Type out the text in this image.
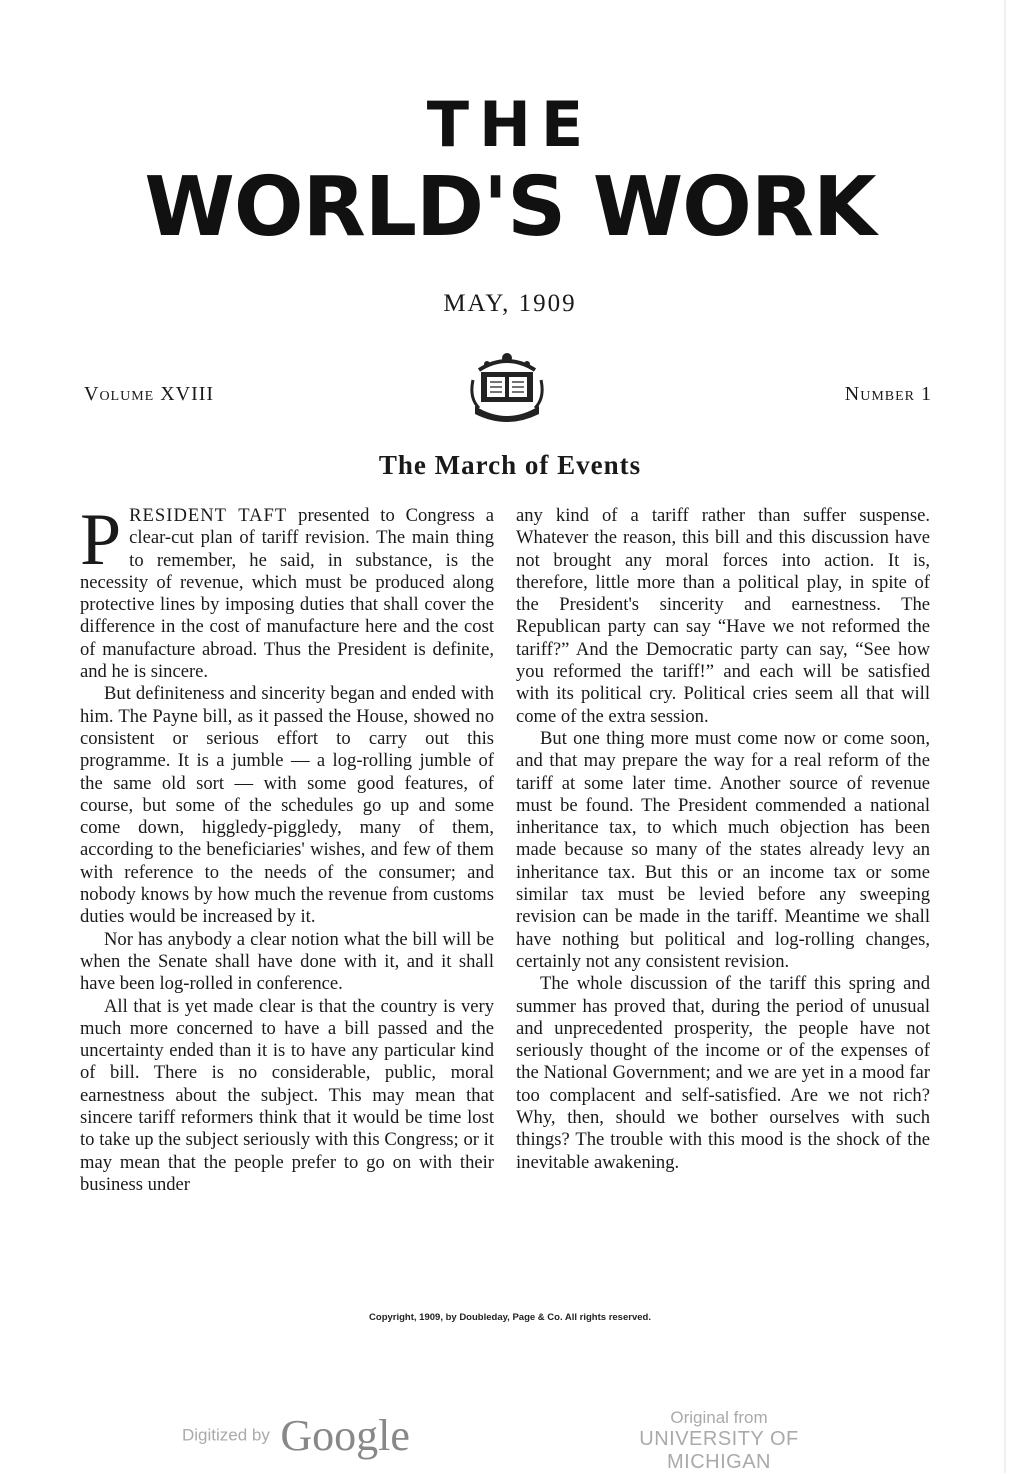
THE
WORLD'S WORK
MAY, 1909
Volume XVIII	Number 1
The March of Events

PRESIDENT TAFT presented to Congress a clear-cut plan of tariff revision. The main thing to remember, he said, in substance, is the necessity of revenue, which must be produced along protective lines by imposing duties that shall cover the difference in the cost of manufacture here and the cost of manufacture abroad. Thus the President is definite, and he is sincere.

But definiteness and sincerity began and ended with him. The Payne bill, as it passed the House, showed no consistent or serious effort to carry out this programme. It is a jumble — a log-rolling jumble of the same old sort — with some good features, of course, but some of the schedules go up and some come down, higgledy-piggledy, many of them, according to the beneficiaries' wishes, and few of them with reference to the needs of the consumer; and nobody knows by how much the revenue from customs duties would be increased by it.

Nor has anybody a clear notion what the bill will be when the Senate shall have done with it, and it shall have been log-rolled in conference.

All that is yet made clear is that the country is very much more concerned to have a bill passed and the uncertainty ended than it is to have any particular kind of bill. There is no considerable, public, moral earnestness about the subject. This may mean that sincere tariff reformers think that it would be time lost to take up the subject seriously with this Congress; or it may mean that the people prefer to go on with their business under

any kind of a tariff rather than suffer suspense. Whatever the reason, this bill and this discussion have not brought any moral forces into action. It is, therefore, little more than a political play, in spite of the President's sincerity and earnestness. The Republican party can say “Have we not reformed the tariff?” And the Democratic party can say, “See how you reformed the tariff!” and each will be satisfied with its political cry. Political cries seem all that will come of the extra session.

But one thing more must come now or come soon, and that may prepare the way for a real reform of the tariff at some later time. Another source of revenue must be found. The President commended a national inheritance tax, to which much objection has been made because so many of the states already levy an inheritance tax. But this or an income tax or some similar tax must be levied before any sweeping revision can be made in the tariff. Meantime we shall have nothing but political and log-rolling changes, certainly not any consistent revision.

The whole discussion of the tariff this spring and summer has proved that, during the period of unusual and unprecedented prosperity, the people have not seriously thought of the income or of the expenses of the National Government; and we are yet in a mood far too complacent and self-satisfied. Are we not rich? Why, then, should we bother ourselves with such things? The trouble with this mood is the shock of the inevitable awakening.

Copyright, 1909, by Doubleday, Page & Co. All rights reserved.
Digitized by Google	Original from
UNIVERSITY OF MICHIGAN
